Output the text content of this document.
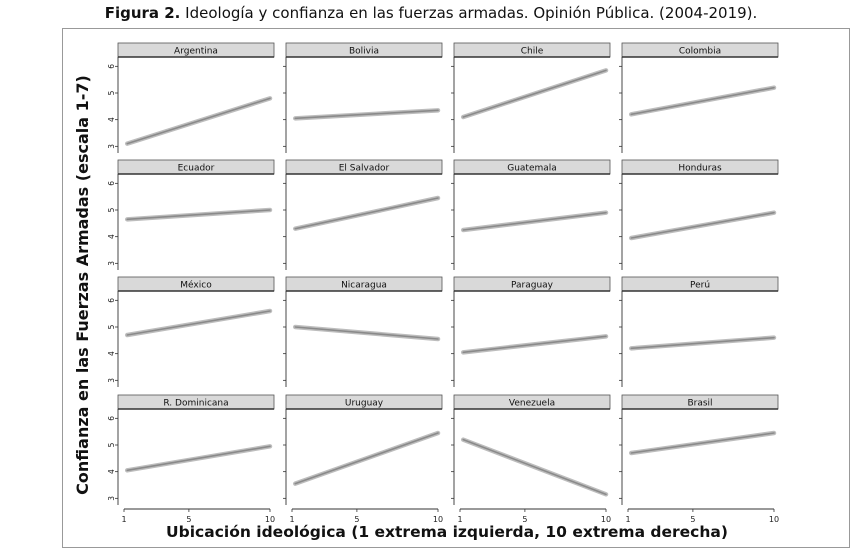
Figura 2. Ideología y confianza en las fuerzas armadas. Opinión Pública. (2004-2019).
Confianza en las Fuerzas Armadas (escala 1-7)
Ubicación ideológica (1 extrema izquierda, 10 extrema derecha)
Argentina
3
4
5
6
Bolivia	Chile	Colombia
Ecuador
3
4
5
6
El Salvador	Guatemala	Honduras
México
3
4
5
6
Nicaragua	Paraguay	Perú
R. Dominicana
3
4
5
6
1	5	10
Uruguay
1	5	10
Venezuela
1	5	10
Brasil
1	5	10
